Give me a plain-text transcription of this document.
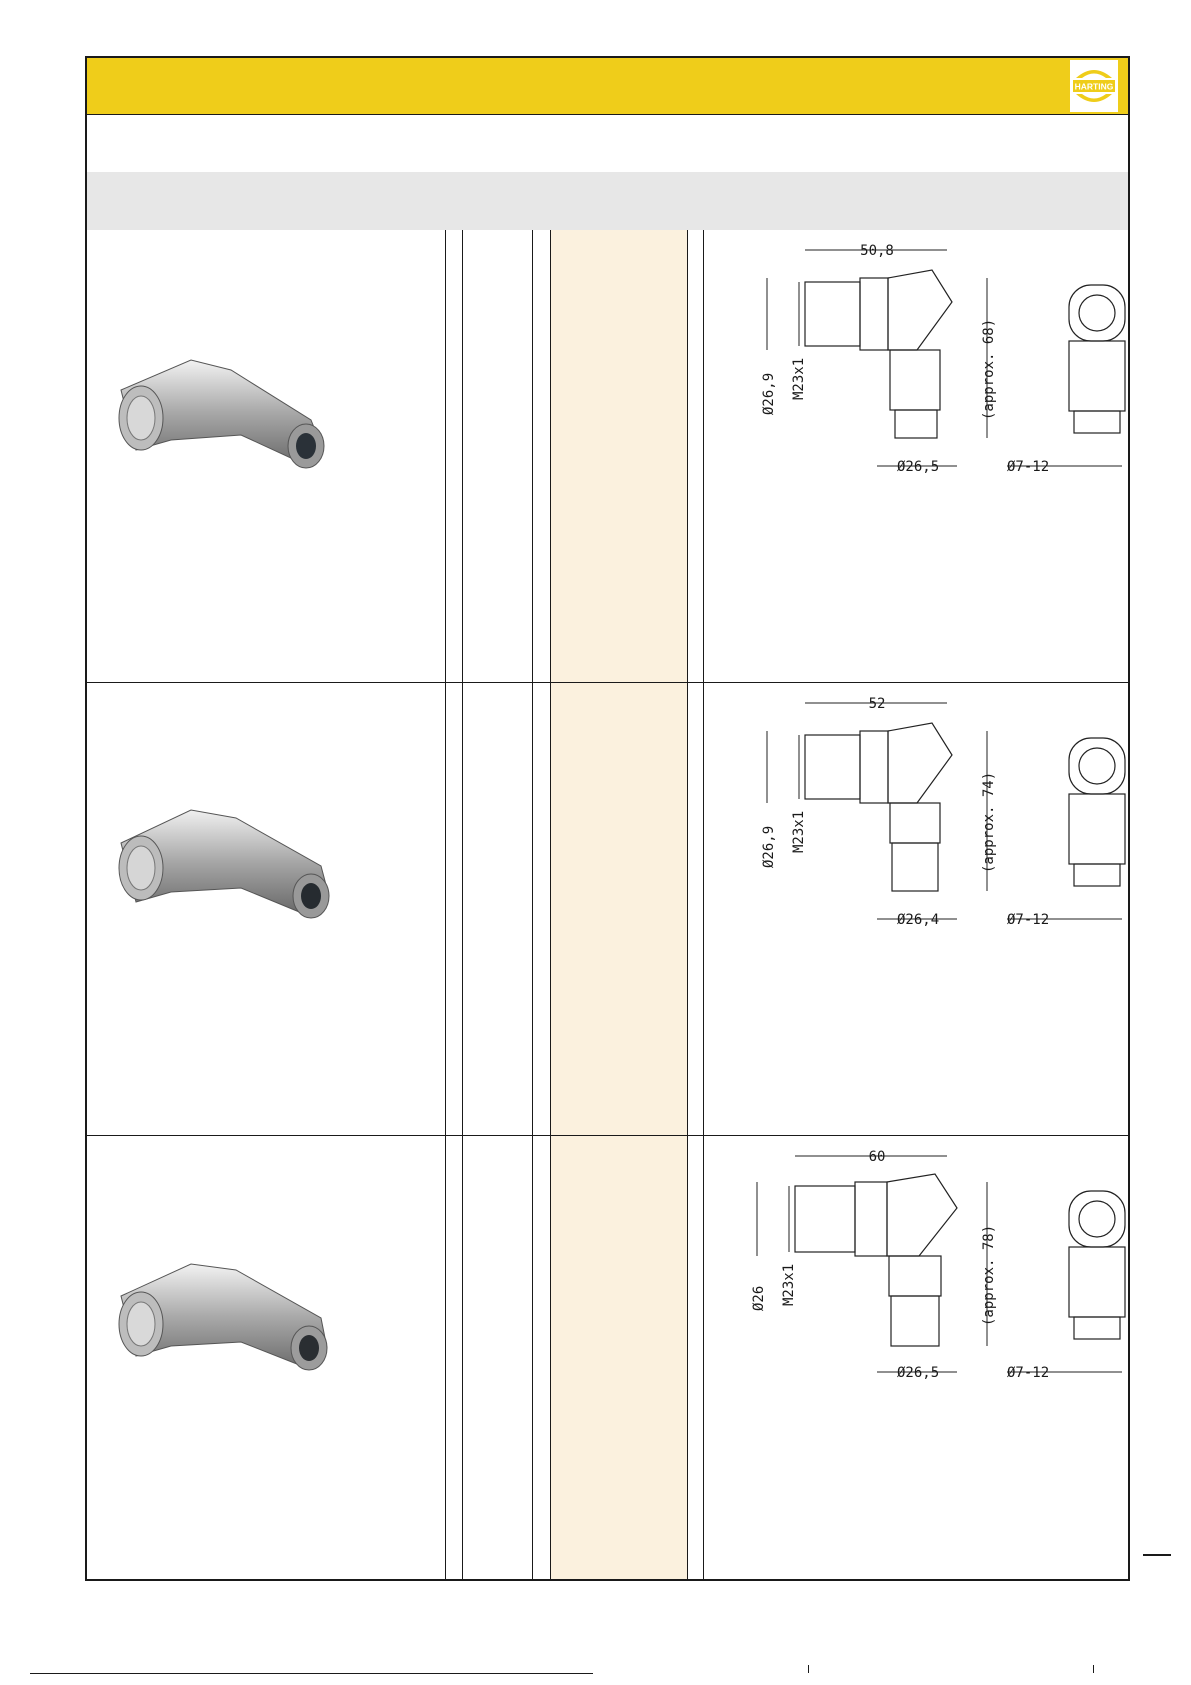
HARTING
50,8
Ø26,9 M23x1	(approx. 68)
Ø26,5	Ø7-12
52
Ø26,9 M23x1	(approx. 74)
Ø26,4	Ø7-12
60
Ø26 M23x1	(approx. 78)
Ø26,5	Ø7-12
